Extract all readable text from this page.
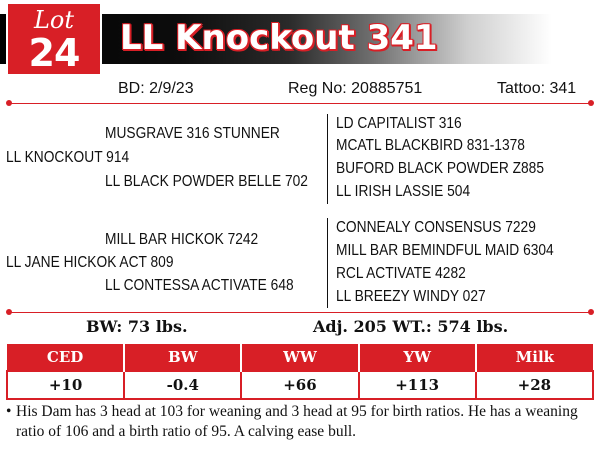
Lot
24	LL Knockout 341
BD: 2/9/23	Reg No: 20885751	Tattoo: 341
MUSGRAVE 316 STUNNER
LL KNOCKOUT 914
LL BLACK POWDER BELLE 702
LD CAPITALIST 316
MCATL BLACKBIRD 831-1378
BUFORD BLACK POWDER Z885
LL IRISH LASSIE 504
MILL BAR HICKOK 7242
LL JANE HICKOK ACT 809
LL CONTESSA ACTIVATE 648
CONNEALY CONSENSUS 7229
MILL BAR BEMINDFUL MAID 6304
RCL ACTIVATE 4282
LL BREEZY WINDY 027
BW: 73 lbs.	Adj. 205 WT.: 574 lbs.
CED	BW	WW	YW	Milk
+10	-0.4	+66	+113	+28
• His Dam has 3 head at 103 for weaning and 3 head at 95 for birth ratios. He has a weaning ratio of 106 and a birth ratio of 95. A calving ease bull.
